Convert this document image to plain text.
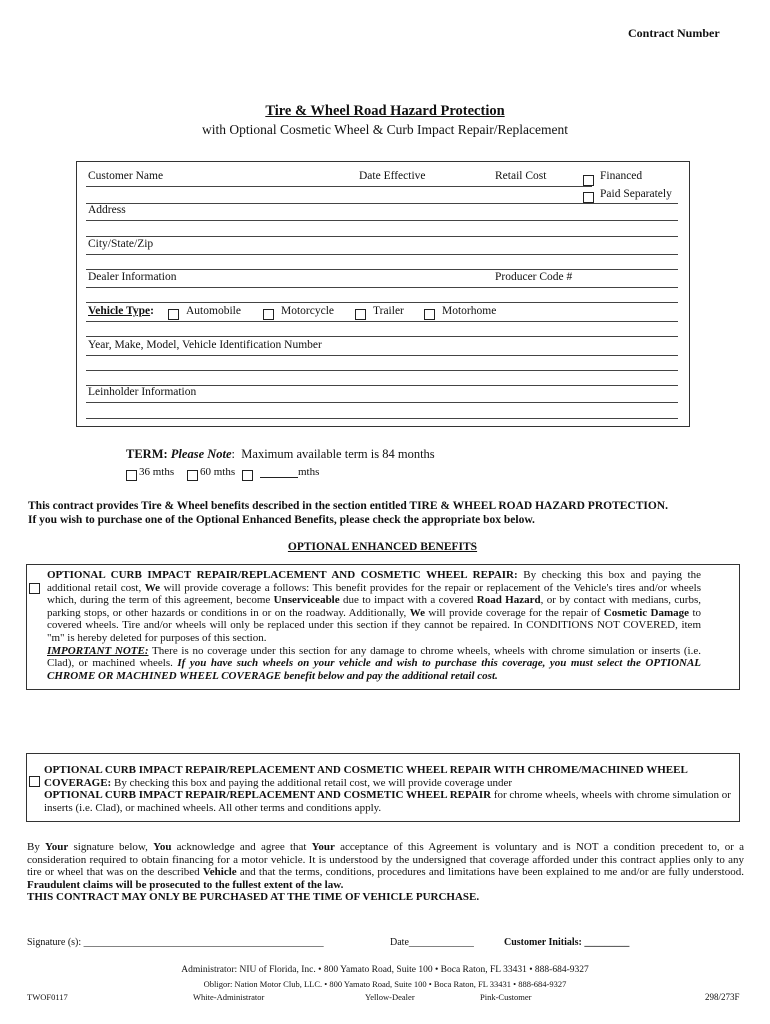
Contract Number
Tire & Wheel Road Hazard Protection
with Optional Cosmetic Wheel & Curb Impact Repair/Replacement
Customer Name	Date Effective	Retail Cost	Financed
Paid Separately
Address
City/State/Zip
Dealer Information	Producer Code #
Vehicle Type:	Automobile	Motorcycle	Trailer	Motorhome
Year, Make, Model, Vehicle Identification Number
Leinholder Information
TERM: Please Note:  Maximum available term is 84 months
36 mths 60 mths	mths
This contract provides Tire & Wheel benefits described in the section entitled TIRE & WHEEL ROAD HAZARD PROTECTION.
If you wish to purchase one of the Optional Enhanced Benefits, please check the appropriate box below.
OPTIONAL ENHANCED BENEFITS
OPTIONAL CURB IMPACT REPAIR/REPLACEMENT AND COSMETIC WHEEL REPAIR: By checking this box and paying the additional retail cost, We will provide coverage a follows: This benefit provides for the repair or replacement of the Vehicle's tires and/or wheels which, during the term of this agreement, become Unserviceable due to impact with a covered Road Hazard, or by contact with medians, curbs, parking stops, or other hazards or conditions in or on the roadway. Additionally, We will provide coverage for the repair of Cosmetic Damage to covered wheels. Tire and/or wheels will only be replaced under this section if they cannot be repaired. In CONDITIONS NOT COVERED, item "m" is hereby deleted for purposes of this section.
IMPORTANT NOTE: There is no coverage under this section for any damage to chrome wheels, wheels with chrome simulation or inserts (i.e. Clad), or machined wheels. If you have such wheels on your vehicle and wish to purchase this coverage, you must select the OPTIONAL CHROME OR MACHINED WHEEL COVERAGE benefit below and pay the additional retail cost.
OPTIONAL CURB IMPACT REPAIR/REPLACEMENT AND COSMETIC WHEEL REPAIR WITH CHROME/MACHINED WHEEL COVERAGE: By checking this box and paying the additional retail cost, we will provide coverage under
OPTIONAL CURB IMPACT REPAIR/REPLACEMENT AND COSMETIC WHEEL REPAIR for chrome wheels, wheels with chrome simulation or inserts (i.e. Clad), or machined wheels. All other terms and conditions apply.
By Your signature below, You acknowledge and agree that Your acceptance of this Agreement is voluntary and is NOT a condition precedent to, or a consideration required to obtain financing for a motor vehicle. It is understood by the undersigned that coverage afforded under this contract applies only to any tire or wheel that was on the described Vehicle and that the terms, conditions, procedures and limitations have been explained to me and/or are fully understood. Fraudulent claims will be prosecuted to the fullest extent of the law.
THIS CONTRACT MAY ONLY BE PURCHASED AT THE TIME OF VEHICLE PURCHASE.
Signature (s): ________________________________________________	Date_____________	Customer Initials: _________
Administrator: NIU of Florida, Inc. • 800 Yamato Road, Suite 100 • Boca Raton, FL 33431 • 888-684-9327
Obligor: Nation Motor Club, LLC. • 800 Yamato Road, Suite 100 • Boca Raton, FL 33431 • 888-684-9327
TWOF0117	White-Administrator	Yellow-Dealer	Pink-Customer	298/273F
